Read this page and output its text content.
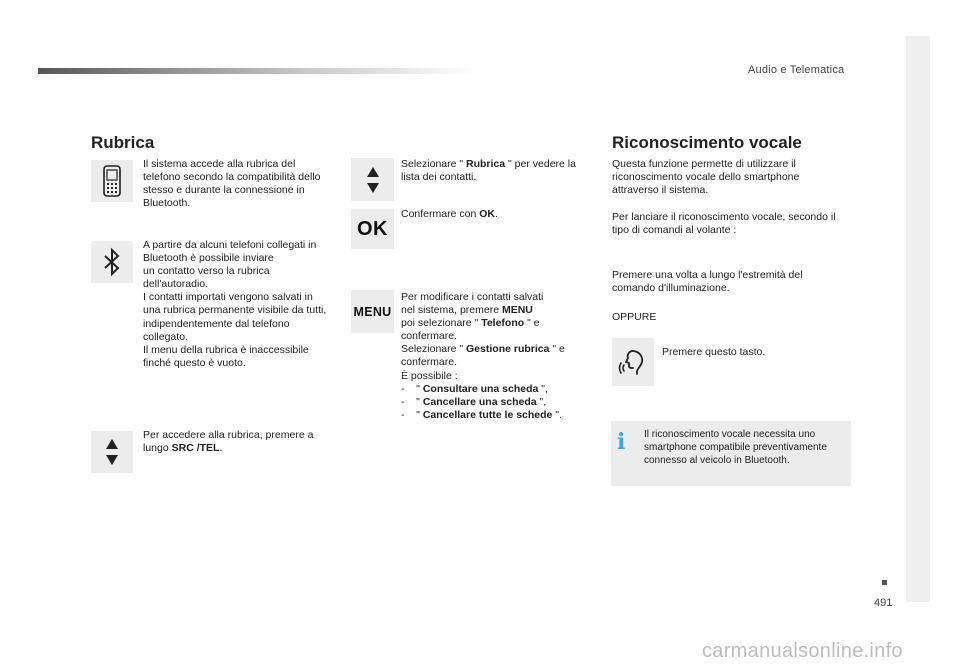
Audio e Telematica
491
Rubrica
Il sistema accede alla rubrica del telefono secondo la compatibilità dello stesso e durante la connessione in Bluetooth.
A partire da alcuni telefoni collegati in Bluetooth è possibile inviare
un contatto verso la rubrica dell'autoradio.
I contatti importati vengono salvati in una rubrica permanente visibile da tutti, indipendentemente dal telefono collegato.
Il menu della rubrica è inaccessibile finché questo è vuoto.
Per accedere alla rubrica, premere a lungo SRC /TEL.
Selezionare " Rubrica " per vedere la lista dei contatti.
OK
Confermare con OK.
MENU
Per modificare i contatti salvati
nel sistema, premere MENU
poi selezionare " Telefono " e
confermare.
Selezionare " Gestione rubrica " e
confermare.
È possibile :
- " Consultare una scheda ",
- " Cancellare una scheda ",
- " Cancellare tutte le schede ".
Riconoscimento vocale
Questa funzione permette di utilizzare il riconoscimento vocale dello smartphone attraverso il sistema.
Per lanciare il riconoscimento vocale, secondo il tipo di comandi al volante :
Premere una volta a lungo l'estremità del comando d'illuminazione.
OPPURE
Premere questo tasto.
i	Il riconoscimento vocale necessita uno smartphone compatibile preventivamente connesso al veicolo in Bluetooth.
carmanualsonline.info
